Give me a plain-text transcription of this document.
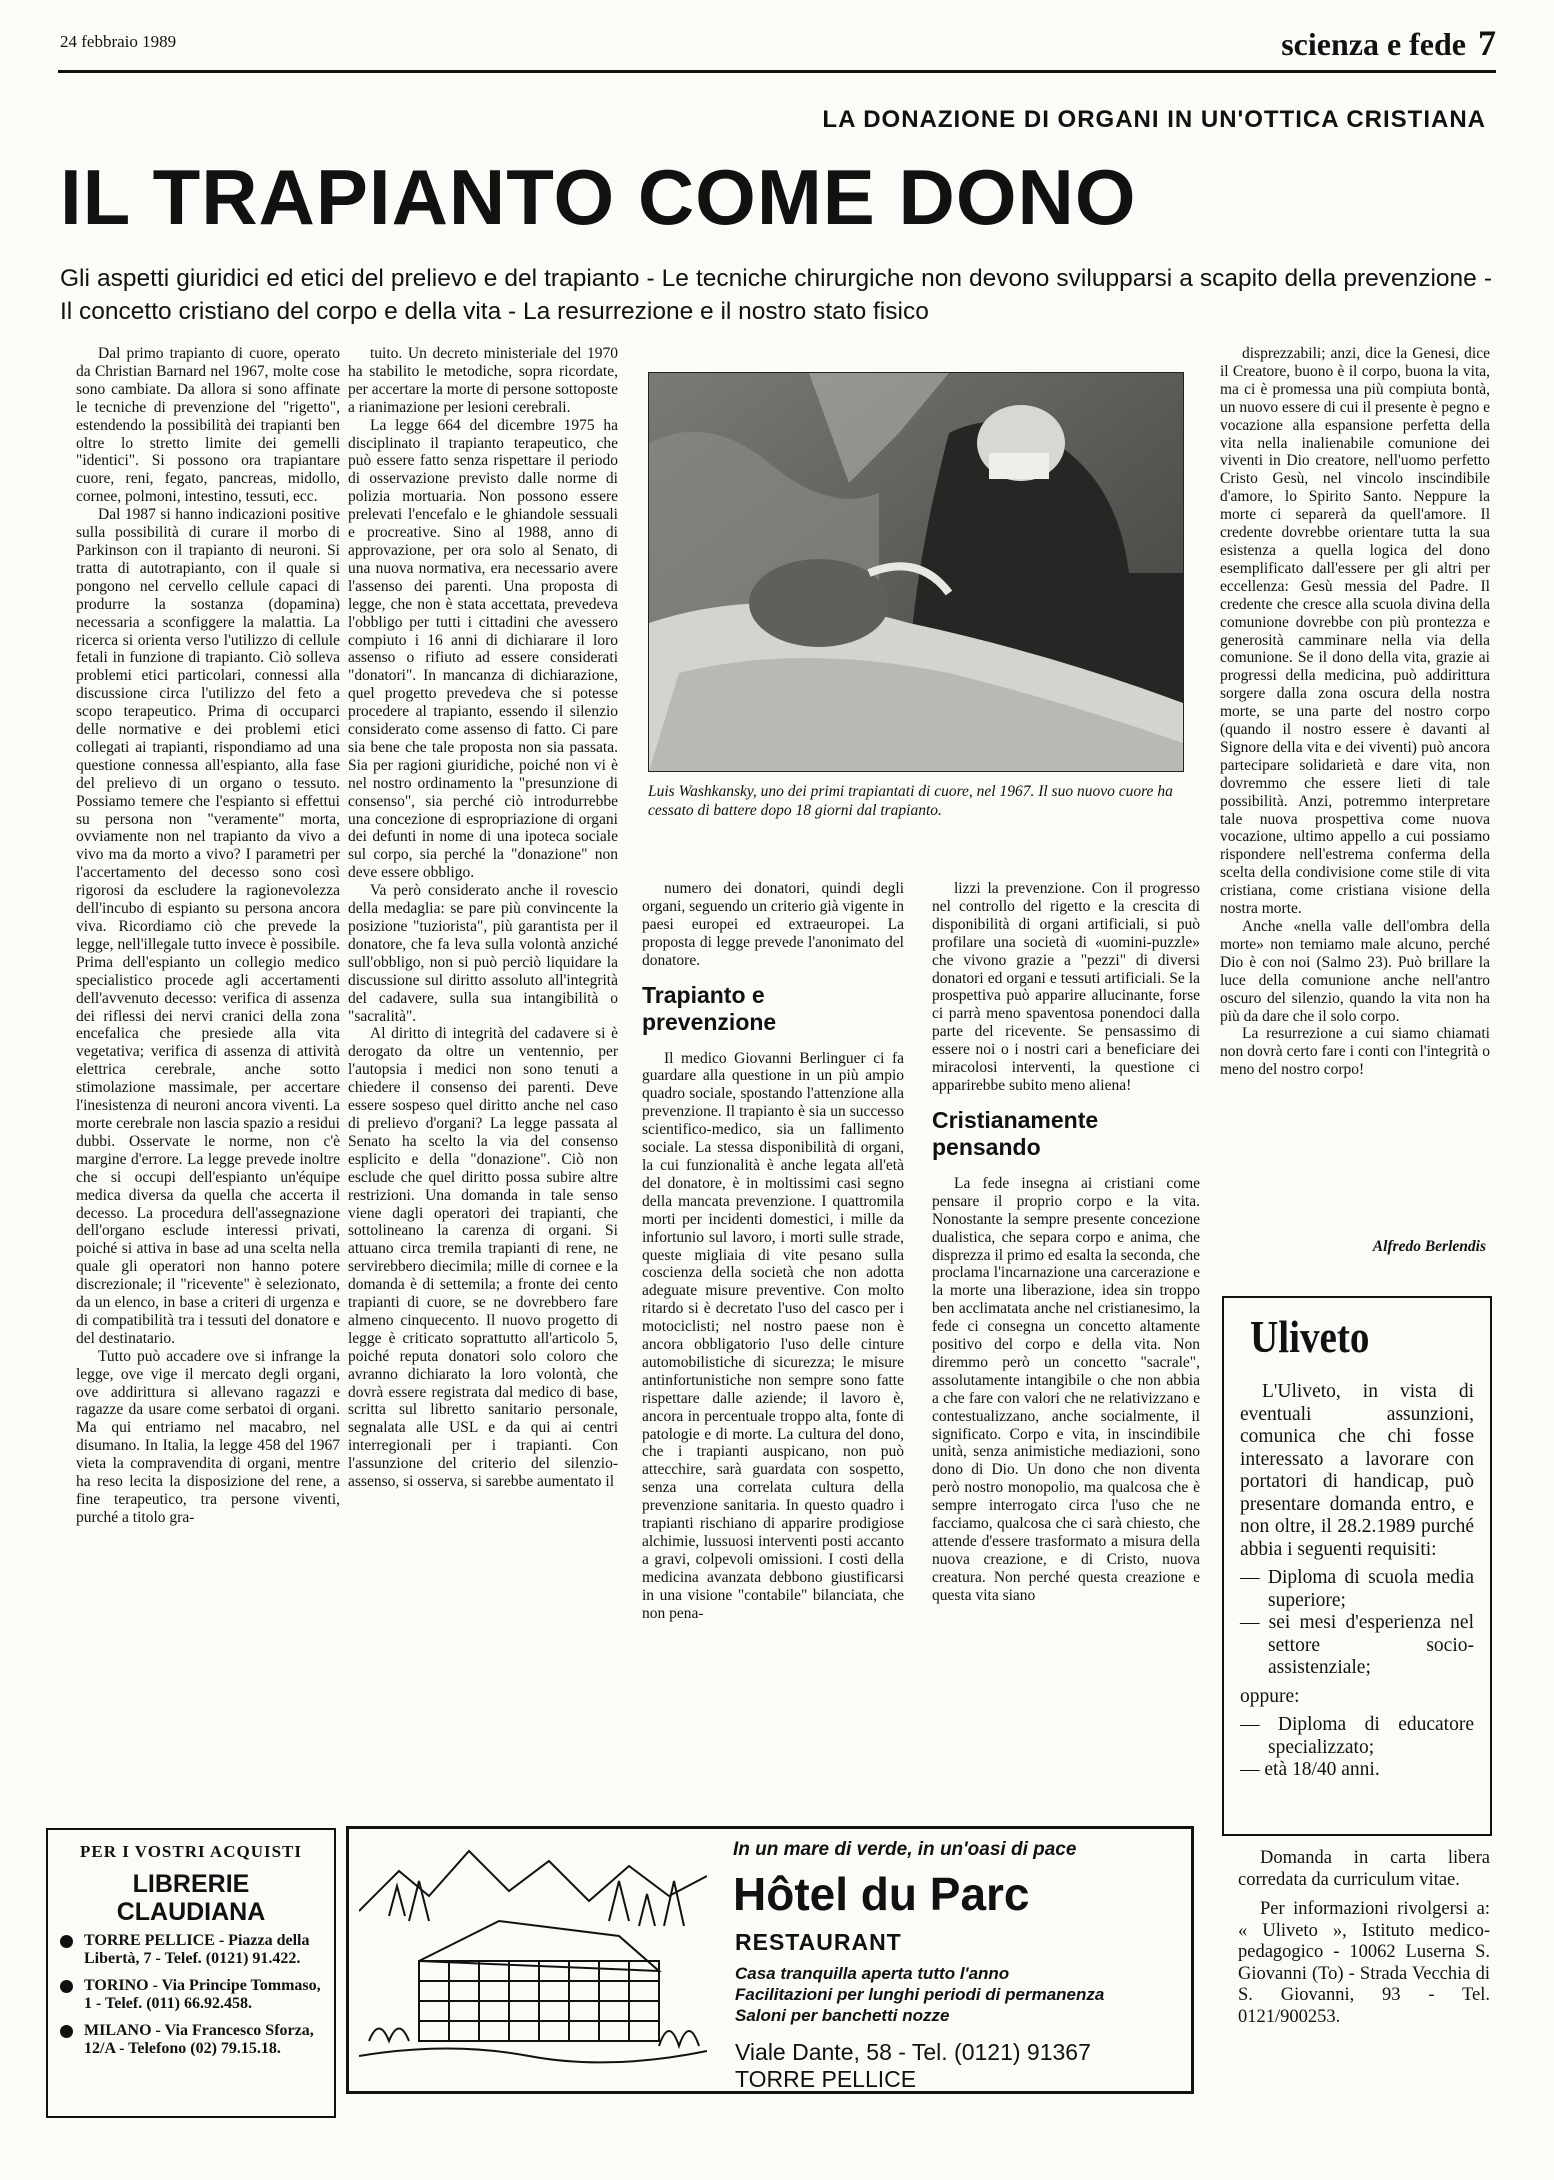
24 febbraio 1989	scienza e fede 7
LA DONAZIONE DI ORGANI IN UN'OTTICA CRISTIANA
IL TRAPIANTO COME DONO
Gli aspetti giuridici ed etici del prelievo e del trapianto - Le tecniche chirurgiche non devono svilupparsi a scapito della prevenzione - Il concetto cristiano del corpo e della vita - La resurrezione e il nostro stato fisico

Dal primo trapianto di cuore, operato da Christian Barnard nel 1967, molte cose sono cambiate. Da allora si sono affinate le tecniche di prevenzione del "rigetto", estendendo la possibilità dei trapianti ben oltre lo stretto limite dei gemelli "identici". Si possono ora trapiantare cuore, reni, fegato, pancreas, midollo, cornee, polmoni, intestino, tessuti, ecc.

Dal 1987 si hanno indicazioni positive sulla possibilità di curare il morbo di Parkinson con il trapianto di neuroni. Si tratta di autotrapianto, con il quale si pongono nel cervello cellule capaci di produrre la sostanza (dopamina) necessaria a sconfiggere la malattia. La ricerca si orienta verso l'utilizzo di cellule fetali in funzione di trapianto. Ciò solleva problemi etici particolari, connessi alla discussione circa l'utilizzo del feto a scopo terapeutico. Prima di occuparci delle normative e dei problemi etici collegati ai trapianti, rispondiamo ad una questione connessa all'espianto, alla fase del prelievo di un organo o tessuto. Possiamo temere che l'espianto si effettui su persona non "veramente" morta, ovviamente non nel trapianto da vivo a vivo ma da morto a vivo? I parametri per l'accertamento del decesso sono così rigorosi da escludere la ragionevolezza dell'incubo di espianto su persona ancora viva. Ricordiamo ciò che prevede la legge, nell'illegale tutto invece è possibile. Prima dell'espianto un collegio medico specialistico procede agli accertamenti dell'avvenuto decesso: verifica di assenza dei riflessi dei nervi cranici della zona encefalica che presiede alla vita vegetativa; verifica di assenza di attività elettrica cerebrale, anche sotto stimolazione massimale, per accertare l'inesistenza di neuroni ancora viventi. La morte cerebrale non lascia spazio a residui dubbi. Osservate le norme, non c'è margine d'errore. La legge prevede inoltre che si occupi dell'espianto un'équipe medica diversa da quella che accerta il decesso. La procedura dell'assegnazione dell'organo esclude interessi privati, poiché si attiva in base ad una scelta nella quale gli operatori non hanno potere discrezionale; il "ricevente" è selezionato, da un elenco, in base a criteri di urgenza e di compatibilità tra i tessuti del donatore e del destinatario.

Tutto può accadere ove si infrange la legge, ove vige il mercato degli organi, ove addirittura si allevano ragazzi e ragazze da usare come serbatoi di organi. Ma qui entriamo nel macabro, nel disumano. In Italia, la legge 458 del 1967 vieta la compravendita di organi, mentre ha reso lecita la disposizione del rene, a fine terapeutico, tra persone viventi, purché a titolo gra-

tuito. Un decreto ministeriale del 1970 ha stabilito le metodiche, sopra ricordate, per accertare la morte di persone sottoposte a rianimazione per lesioni cerebrali.

La legge 664 del dicembre 1975 ha disciplinato il trapianto terapeutico, che può essere fatto senza rispettare il periodo di osservazione previsto dalle norme di polizia mortuaria. Non possono essere prelevati l'encefalo e le ghiandole sessuali e procreative. Sino al 1988, anno di approvazione, per ora solo al Senato, di una nuova normativa, era necessario avere l'assenso dei parenti. Una proposta di legge, che non è stata accettata, prevedeva l'obbligo per tutti i cittadini che avessero compiuto i 16 anni di dichiarare il loro assenso o rifiuto ad essere considerati "donatori". In mancanza di dichiarazione, quel progetto prevedeva che si potesse procedere al trapianto, essendo il silenzio considerato come assenso di fatto. Ci pare sia bene che tale proposta non sia passata. Sia per ragioni giuridiche, poiché non vi è nel nostro ordinamento la "presunzione di consenso", sia perché ciò introdurrebbe una concezione di espropriazione di organi dei defunti in nome di una ipoteca sociale sul corpo, sia perché la "donazione" non deve essere obbligo.

Va però considerato anche il rovescio della medaglia: se pare più convincente la posizione "tuziorista", più garantista per il donatore, che fa leva sulla volontà anziché sull'obbligo, non si può perciò liquidare la discussione sul diritto assoluto all'integrità del cadavere, sulla sua intangibilità o "sacralità".

Al diritto di integrità del cadavere si è derogato da oltre un ventennio, per l'autopsia i medici non sono tenuti a chiedere il consenso dei parenti. Deve essere sospeso quel diritto anche nel caso di prelievo d'organi? La legge passata al Senato ha scelto la via del consenso esplicito e della "donazione". Ciò non esclude che quel diritto possa subire altre restrizioni. Una domanda in tale senso viene dagli operatori dei trapianti, che sottolineano la carenza di organi. Si attuano circa tremila trapianti di rene, ne servirebbero diecimila; mille di cornee e la domanda è di settemila; a fronte dei cento trapianti di cuore, se ne dovrebbero fare almeno cinquecento. Il nuovo progetto di legge è criticato soprattutto all'articolo 5, poiché reputa donatori solo coloro che avranno dichiarato la loro volontà, che dovrà essere registrata dal medico di base, scritta sul libretto sanitario personale, segnalata alle USL e da qui ai centri interregionali per i trapianti. Con l'assunzione del criterio del silenzio-assenso, si osserva, si sarebbe aumentato il

Luis Washkansky, uno dei primi trapiantati di cuore, nel 1967. Il suo nuovo cuore ha cessato di battere dopo 18 giorni dal trapianto.

numero dei donatori, quindi degli organi, seguendo un criterio già vigente in paesi europei ed extraeuropei. La proposta di legge prevede l'anonimato del donatore.

Trapianto e prevenzione

Il medico Giovanni Berlinguer ci fa guardare alla questione in un più ampio quadro sociale, spostando l'attenzione alla prevenzione. Il trapianto è sia un successo scientifico-medico, sia un fallimento sociale. La stessa disponibilità di organi, la cui funzionalità è anche legata all'età del donatore, è in moltissimi casi segno della mancata prevenzione. I quattromila morti per incidenti domestici, i mille da infortunio sul lavoro, i morti sulle strade, queste migliaia di vite pesano sulla coscienza della società che non adotta adeguate misure preventive. Con molto ritardo si è decretato l'uso del casco per i motociclisti; nel nostro paese non è ancora obbligatorio l'uso delle cinture automobilistiche di sicurezza; le misure antinfortunistiche non sempre sono fatte rispettare dalle aziende; il lavoro è, ancora in percentuale troppo alta, fonte di patologie e di morte. La cultura del dono, che i trapianti auspicano, non può attecchire, sarà guardata con sospetto, senza una correlata cultura della prevenzione sanitaria. In questo quadro i trapianti rischiano di apparire prodigiose alchimie, lussuosi interventi posti accanto a gravi, colpevoli omissioni. I costi della medicina avanzata debbono giustificarsi in una visione "contabile" bilanciata, che non pena-

lizzi la prevenzione. Con il progresso nel controllo del rigetto e la crescita di disponibilità di organi artificiali, si può profilare una società di «uomini-puzzle» che vivono grazie a "pezzi" di diversi donatori ed organi e tessuti artificiali. Se la prospettiva può apparire allucinante, forse ci parrà meno spaventosa ponendoci dalla parte del ricevente. Se pensassimo di essere noi o i nostri cari a beneficiare dei miracolosi interventi, la questione ci apparirebbe subito meno aliena!

Cristianamente pensando

La fede insegna ai cristiani come pensare il proprio corpo e la vita. Nonostante la sempre presente concezione dualistica, che separa corpo e anima, che disprezza il primo ed esalta la seconda, che proclama l'incarnazione una carcerazione e la morte una liberazione, idea sin troppo ben acclimatata anche nel cristianesimo, la fede ci consegna un concetto altamente positivo del corpo e della vita. Non diremmo però un concetto "sacrale", assolutamente intangibile o che non abbia a che fare con valori che ne relativizzano e contestualizzano, anche socialmente, il significato. Corpo e vita, in inscindibile unità, senza animistiche mediazioni, sono dono di Dio. Un dono che non diventa però nostro monopolio, ma qualcosa che è sempre interrogato circa l'uso che ne facciamo, qualcosa che ci sarà chiesto, che attende d'essere trasformato a misura della nuova creazione, e di Cristo, nuova creatura. Non perché questa creazione e questa vita siano

disprezzabili; anzi, dice la Genesi, dice il Creatore, buono è il corpo, buona la vita, ma ci è promessa una più compiuta bontà, un nuovo essere di cui il presente è pegno e vocazione alla espansione perfetta della vita nella inalienabile comunione dei viventi in Dio creatore, nell'uomo perfetto Cristo Gesù, nel vincolo inscindibile d'amore, lo Spirito Santo. Neppure la morte ci separerà da quell'amore. Il credente dovrebbe orientare tutta la sua esistenza a quella logica del dono esemplificato dall'essere per gli altri per eccellenza: Gesù messia del Padre. Il credente che cresce alla scuola divina della comunione dovrebbe con più prontezza e generosità camminare nella via della comunione. Se il dono della vita, grazie ai progressi della medicina, può addirittura sorgere dalla zona oscura della nostra morte, se una parte del nostro corpo (quando il nostro essere è davanti al Signore della vita e dei viventi) può ancora partecipare solidarietà e dare vita, non dovremmo che essere lieti di tale possibilità. Anzi, potremmo interpretare tale nuova prospettiva come nuova vocazione, ultimo appello a cui possiamo rispondere nell'estrema conferma della scelta della condivisione come stile di vita cristiana, come cristiana visione della nostra morte.

Anche «nella valle dell'ombra della morte» non temiamo male alcuno, perché Dio è con noi (Salmo 23). Può brillare la luce della comunione anche nell'antro oscuro del silenzio, quando la vita non ha più da dare che il solo corpo.

La resurrezione a cui siamo chiamati non dovrà certo fare i conti con l'integrità o meno del nostro corpo!

Alfredo Berlendis
Uliveto

L'Uliveto, in vista di eventuali assunzioni, comunica che chi fosse interessato a lavorare con portatori di handicap, può presentare domanda entro, e non oltre, il 28.2.1989 purché abbia i seguenti requisiti:

— Diploma di scuola media superiore;
— sei mesi d'esperienza nel settore socio-assistenziale;
oppure:
— Diploma di educatore specializzato;
— età 18/40 anni.

Domanda in carta libera corredata da curriculum vitae.

Per informazioni rivolgersi a: « Uliveto », Istituto medico-pedagogico - 10062 Luserna S. Giovanni (To) - Strada Vecchia di S. Giovanni, 93 - Tel. 0121/900253.

PER I VOSTRI ACQUISTI
LIBRERIE
CLAUDIANA
TORRE PELLICE - Piazza della Libertà, 7 - Telef. (0121) 91.422.
TORINO - Via Principe Tommaso, 1 - Telef. (011) 66.92.458.
MILANO - Via Francesco Sforza, 12/A - Telefono (02) 79.15.18.
In un mare di verde, in un'oasi di pace
Hôtel du Parc
RESTAURANT
Casa tranquilla aperta tutto l'anno
Facilitazioni per lunghi periodi di permanenza
Saloni per banchetti nozze
Viale Dante, 58 - Tel. (0121) 91367
TORRE PELLICE
